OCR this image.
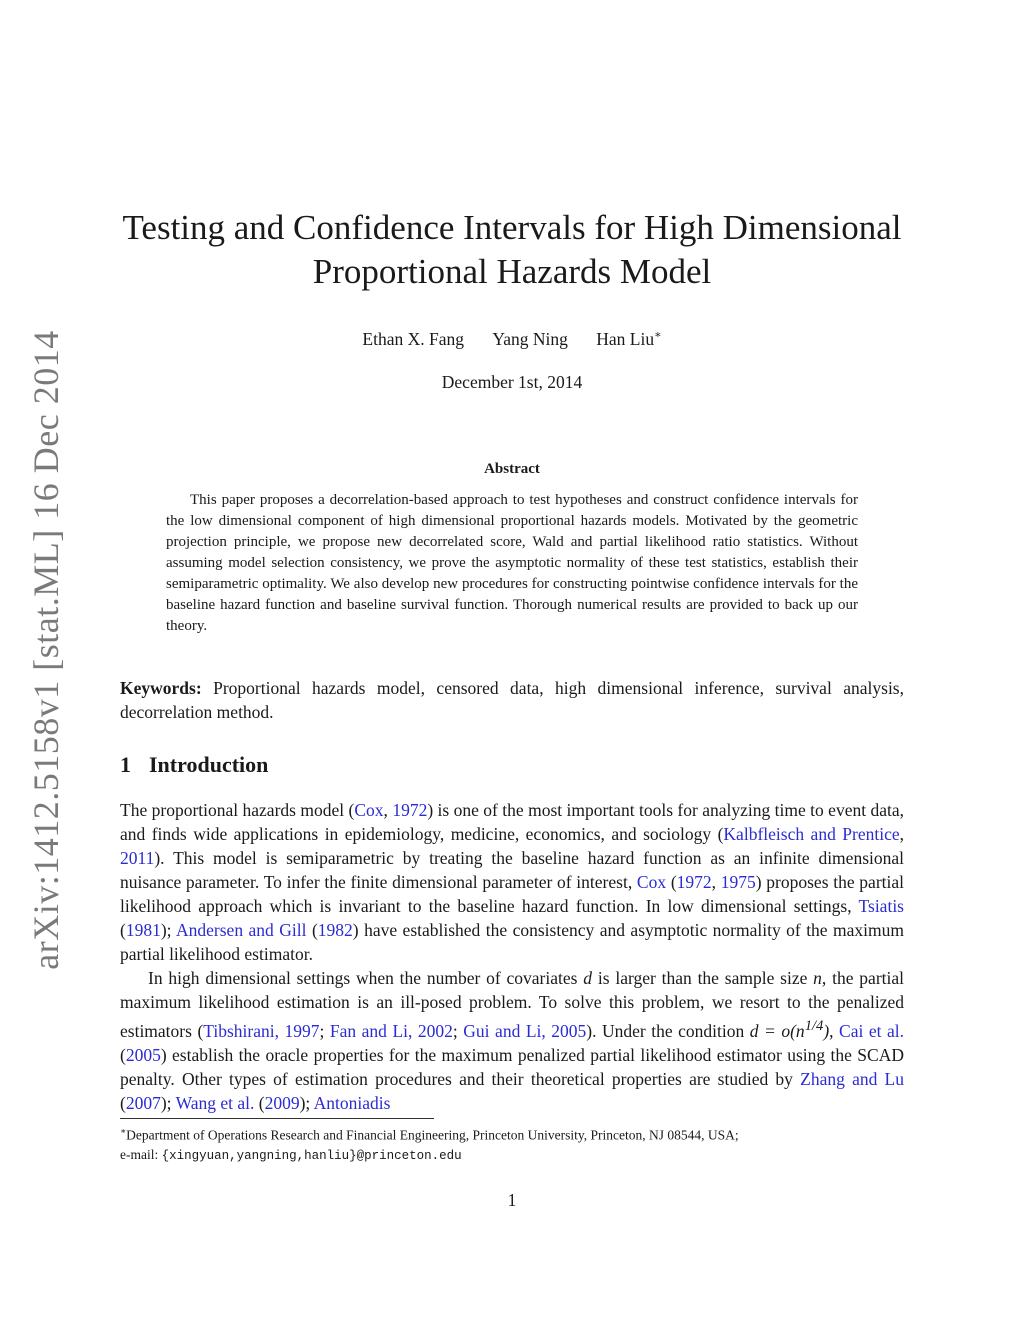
arXiv:1412.5158v1 [stat.ML] 16 Dec 2014
Testing and Confidence Intervals for High Dimensional
Proportional Hazards Model
Ethan X. Fang Yang Ning Han Liu∗
December 1st, 2014
Abstract
This paper proposes a decorrelation-based approach to test hypotheses and construct confidence intervals for the low dimensional component of high dimensional proportional hazards models. Motivated by the geometric projection principle, we propose new decorrelated score, Wald and partial likelihood ratio statistics. Without assuming model selection consistency, we prove the asymptotic normality of these test statistics, establish their semiparametric optimality. We also develop new procedures for constructing pointwise confidence intervals for the baseline hazard function and baseline survival function. Thorough numerical results are provided to back up our theory.
Keywords: Proportional hazards model, censored data, high dimensional inference, survival analysis, decorrelation method.
1 Introduction

The proportional hazards model (Cox, 1972) is one of the most important tools for analyzing time to event data, and finds wide applications in epidemiology, medicine, economics, and sociology (Kalbfleisch and Prentice, 2011). This model is semiparametric by treating the baseline hazard function as an infinite dimensional nuisance parameter. To infer the finite dimensional parameter of interest, Cox (1972, 1975) proposes the partial likelihood approach which is invariant to the baseline hazard function. In low dimensional settings, Tsiatis (1981); Andersen and Gill (1982) have established the consistency and asymptotic normality of the maximum partial likelihood estimator.

In high dimensional settings when the number of covariates d is larger than the sample size n, the partial maximum likelihood estimation is an ill-posed problem. To solve this problem, we resort to the penalized estimators (Tibshirani, 1997; Fan and Li, 2002; Gui and Li, 2005). Under the condition $d = o(n^{1/4})$, Cai et al. (2005) establish the oracle properties for the maximum penalized partial likelihood estimator using the SCAD penalty. Other types of estimation procedures and their theoretical properties are studied by Zhang and Lu (2007); Wang et al. (2009); Antoniadis

∗Department of Operations Research and Financial Engineering, Princeton University, Princeton, NJ 08544, USA;
e-mail: {xingyuan,yangning,hanliu}@princeton.edu
1
